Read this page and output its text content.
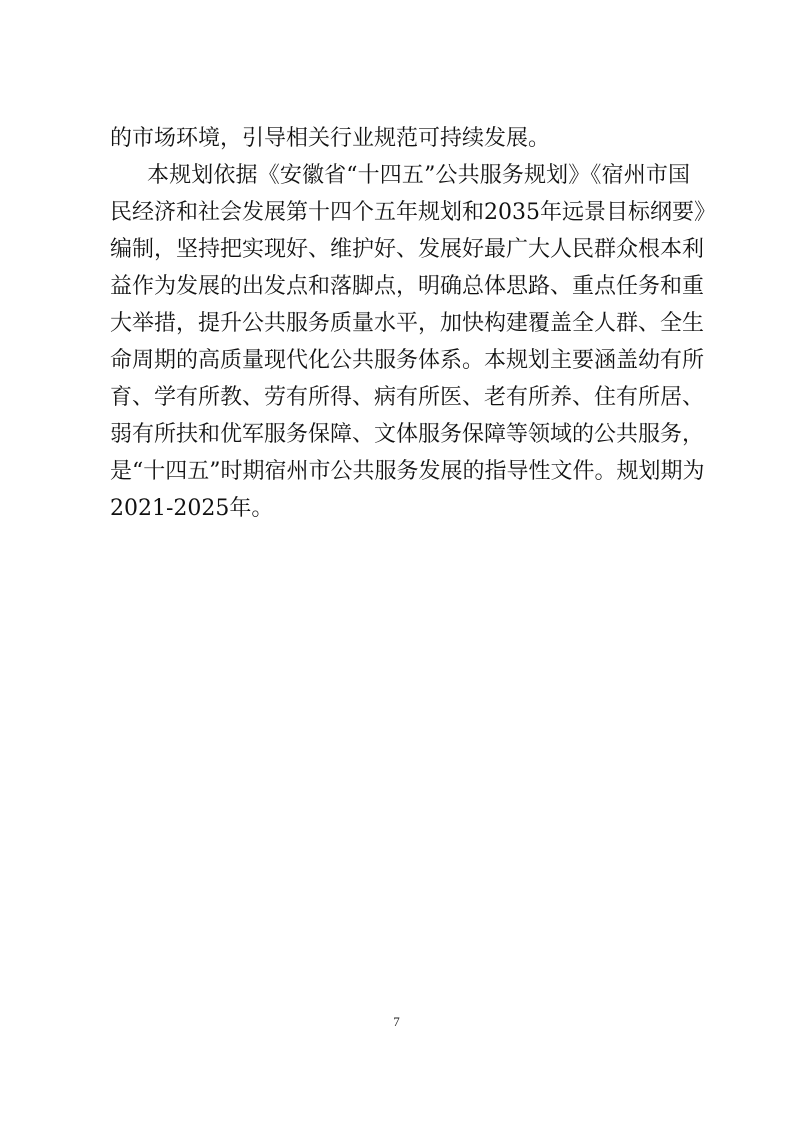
的市场环境，引导相关行业规范可持续发展。
本规划依据《安徽省“十四五”公共服务规划》《宿州市国
民经济和社会发展第十四个五年规划和2035年远景目标纲要》
编制，坚持把实现好、维护好、发展好最广大人民群众根本利
益作为发展的出发点和落脚点，明确总体思路、重点任务和重
大举措，提升公共服务质量水平，加快构建覆盖全人群、全生
命周期的高质量现代化公共服务体系。本规划主要涵盖幼有所
育、学有所教、劳有所得、病有所医、老有所养、住有所居、
弱有所扶和优军服务保障、文体服务保障等领域的公共服务，
是“十四五”时期宿州市公共服务发展的指导性文件。规划期为
2021-2025年。
7
